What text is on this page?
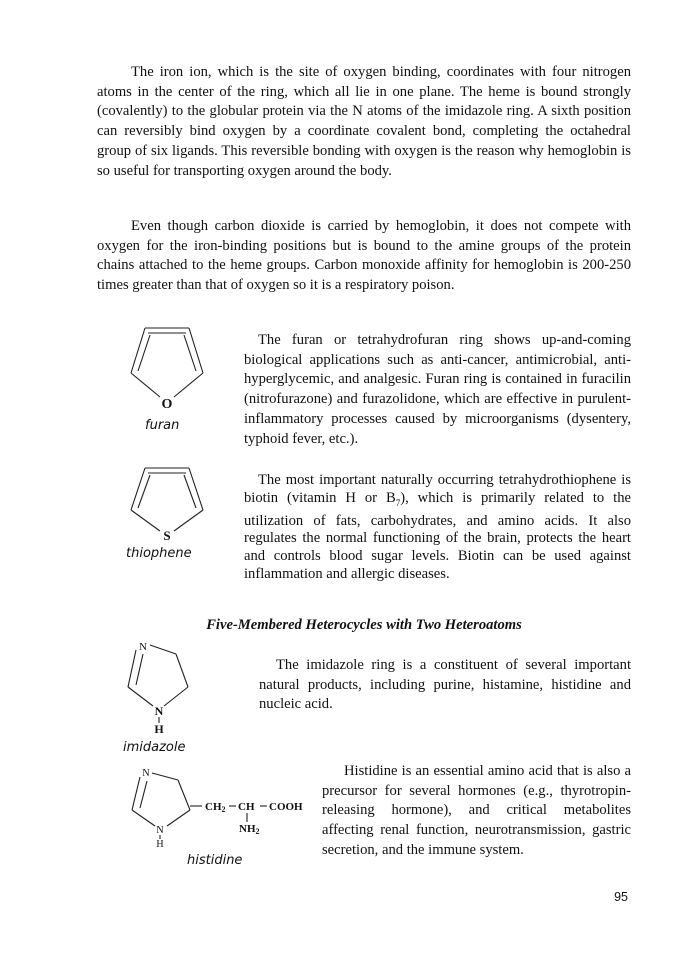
The iron ion, which is the site of oxygen binding, coordinates with four nitrogen atoms in the center of the ring, which all lie in one plane. The heme is bound strongly (covalently) to the globular protein via the N atoms of the imidazole ring. A sixth position can reversibly bind oxygen by a coordinate covalent bond, completing the octahedral group of six ligands. This reversible bonding with oxygen is the reason why hemoglobin is so useful for transporting oxygen around the body.

Even though carbon dioxide is carried by hemoglobin, it does not compete with oxygen for the iron-binding positions but is bound to the amine groups of the protein chains attached to the heme groups. Carbon monoxide affinity for hemoglobin is 200-250 times greater than that of oxygen so it is a respiratory poison.

O
furan

The furan or tetrahydrofuran ring shows up-and-coming biological applications such as anti-cancer, antimicrobial, anti-hyperglycemic, and analgesic. Furan ring is contained in furacilin (nitrofurazone) and furazolidone, which are effective in purulent-inflammatory processes caused by microorganisms (dysentery, typhoid fever, etc.).

S
thiophene

The most important naturally occurring tetrahydrothiophene is biotin (vitamin H or $B_7$), which is primarily related to the utilization of fats, carbohydrates, and amino acids. It also regulates the normal functioning of the brain, protects the heart and controls blood sugar levels. Biotin can be used against inflammation and allergic diseases.

Five-Membered Heterocycles with Two Heteroatoms

N
N
H
imidazole

The imidazole ring is a constituent of several important natural products, including purine, histamine, histidine and nucleic acid.

N
N
H
CH2 CH COOH
NH2
histidine

Histidine is an essential amino acid that is also a precursor for several hormones (e.g., thyrotropin-releasing hormone), and critical metabolites affecting renal function, neurotransmission, gastric secretion, and the immune system.

95
